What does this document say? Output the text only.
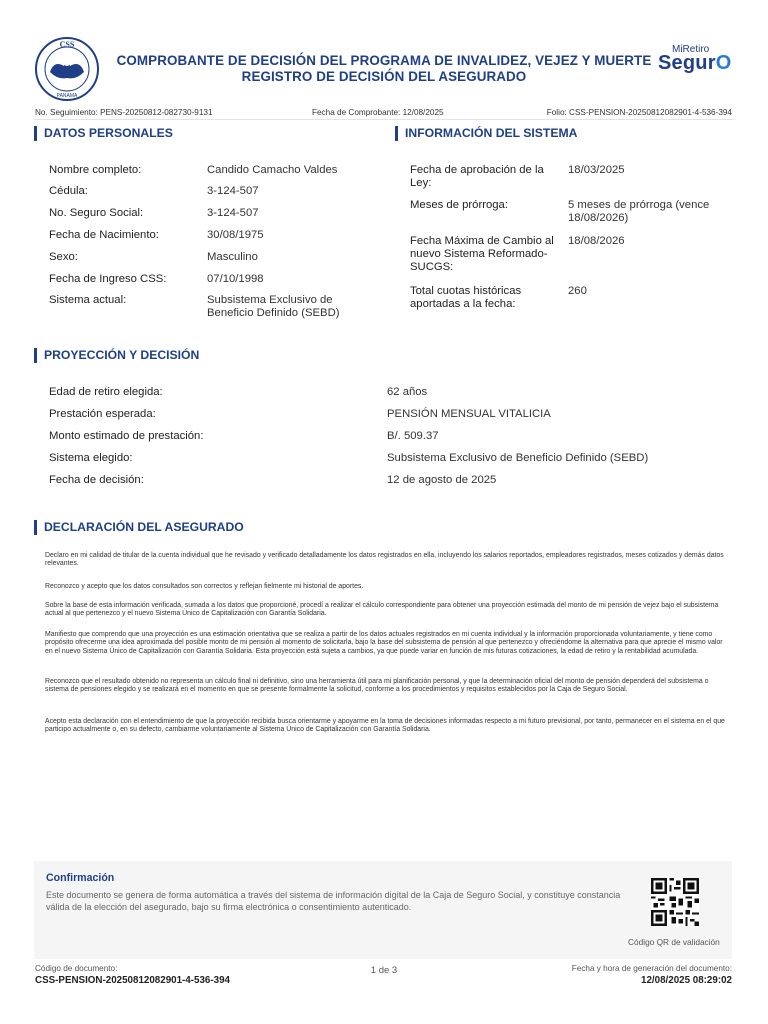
CSS
PANAMA
COMPROBANTE DE DECISIÓN DEL PROGRAMA DE INVALIDEZ, VEJEZ Y MUERTE
REGISTRO DE DECISIÓN DEL ASEGURADO
MiRetiro
SegurO
No. Seguimiento: PENS-20250812-082730-9131	Fecha de Comprobante: 12/08/2025	Folio: CSS-PENSION-20250812082901-4-536-394
DATOS PERSONALES
Nombre completo:	Candido Camacho Valdes
Cédula:	3-124-507
No. Seguro Social:	3-124-507
Fecha de Nacimiento:	30/08/1975
Sexo:	Masculino
Fecha de Ingreso CSS:	07/10/1998
Sistema actual:	Subsistema Exclusivo de Beneficio Definido (SEBD)
INFORMACIÓN DEL SISTEMA
Fecha de aprobación de la Ley:
18/03/2025
Meses de prórroga:	5 meses de prórroga (vence 18/08/2026)
Fecha Máxima de Cambio al nuevo Sistema Reformado-SUCGS:
18/08/2026
Total cuotas históricas aportadas a la fecha:
260
PROYECCIÓN Y DECISIÓN
Edad de retiro elegida:	62 años
Prestación esperada:	PENSIÓN MENSUAL VITALICIA
Monto estimado de prestación:	B/. 509.37
Sistema elegido:	Subsistema Exclusivo de Beneficio Definido (SEBD)
Fecha de decisión:	12 de agosto de 2025
DECLARACIÓN DEL ASEGURADO
Declaro en mi calidad de titular de la cuenta individual que he revisado y verificado detalladamente los datos registrados en ella, incluyendo los salarios reportados, empleadores registrados, meses cotizados y demás datos relevantes.
Reconozco y acepto que los datos consultados son correctos y reflejan fielmente mi historial de aportes.
Sobre la base de esta información verificada, sumada a los datos que proporcioné, procedí a realizar el cálculo correspondiente para obtener una proyección estimada del monto de mi pensión de vejez bajo el subsistema actual al que pertenezco y el nuevo Sistema Único de Capitalización con Garantía Solidaria.
Manifiesto que comprendo que una proyección es una estimación orientativa que se realiza a partir de los datos actuales registrados en mi cuenta individual y la información proporcionada voluntariamente, y tiene como propósito ofrecerme una idea aproximada del posible monto de mi pensión al momento de solicitarla, bajo la base del subsistema de pensión al que pertenezco y ofreciéndome la alternativa para que aprecie el mismo valor en el nuevo Sistema Único de Capitalización con Garantía Solidaria. Esta proyección está sujeta a cambios, ya que puede variar en función de mis futuras cotizaciones, la edad de retiro y la rentabilidad acumulada.
Reconozco que el resultado obtenido no representa un cálculo final ni definitivo, sino una herramienta útil para mi planificación personal, y que la determinación oficial del monto de pensión dependerá del subsistema o sistema de pensiones elegido y se realizará en el momento en que se presente formalmente la solicitud, conforme a los procedimientos y requisitos establecidos por la Caja de Seguro Social.
Acepto esta declaración con el entendimiento de que la proyección recibida busca orientarme y apoyarme en la toma de decisiones informadas respecto a mi futuro previsional, por tanto, permanecer en el sistema en el que participo actualmente o, en su defecto, cambiarme voluntariamente al Sistema Único de Capitalización con Garantía Solidaria.
Confirmación
Este documento se genera de forma automática a través del sistema de información digital de la Caja de Seguro Social, y constituye constancia válida de la elección del asegurado, bajo su firma electrónica o consentimiento autenticado.
Código QR de validación
Código de documento:
CSS-PENSION-20250812082901-4-536-394
1 de 3	Fecha y hora de generación del documento:
12/08/2025 08:29:02
